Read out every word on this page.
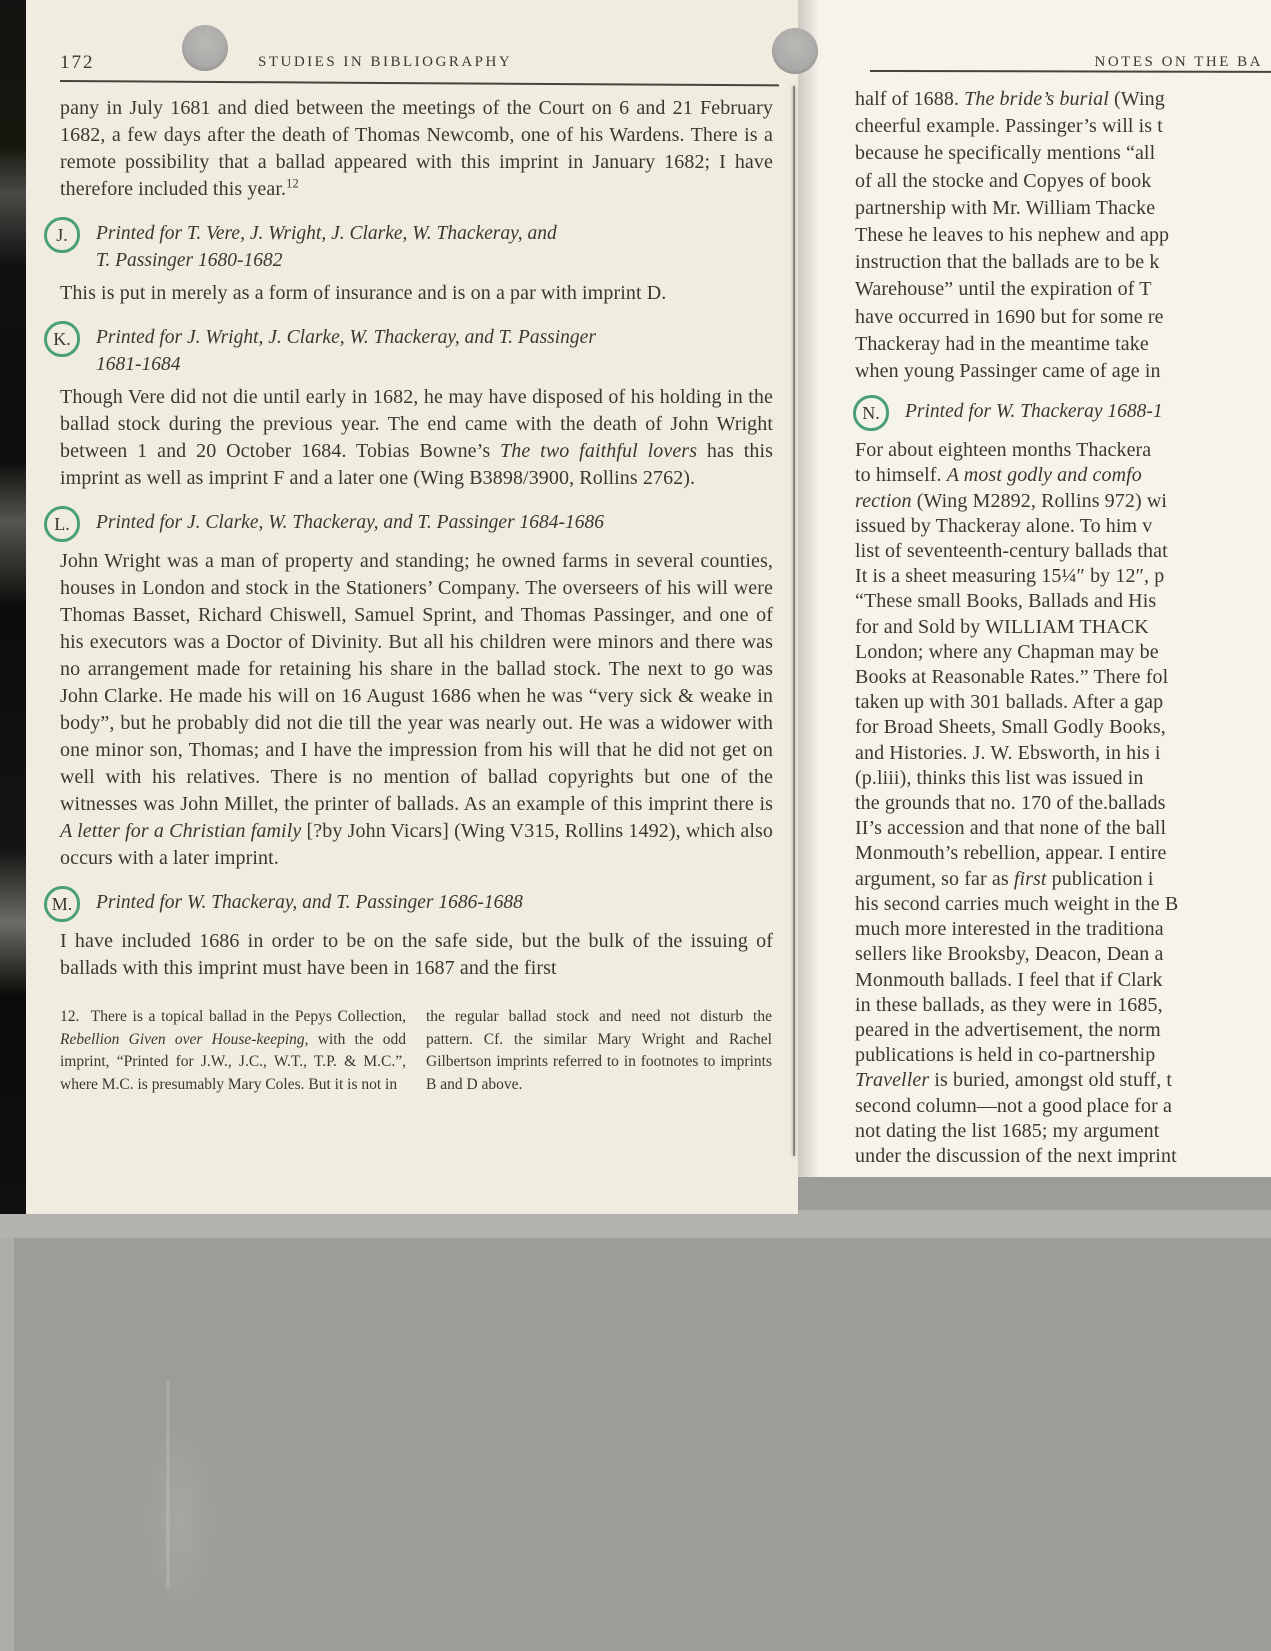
172	STUDIES IN BIBLIOGRAPHY
pany in July 1681 and died between the meetings of the Court on 6 and 21 February 1682, a few days after the death of Thomas Newcomb, one of his Wardens. There is a remote possibility that a ballad appeared with this imprint in January 1682; I have therefore included this year.$^{12}$
J.	Printed for T. Vere, J. Wright, J. Clarke, W. Thackeray, and
T. Passinger 1680-1682
This is put in merely as a form of insurance and is on a par with imprint D.
K.	Printed for J. Wright, J. Clarke, W. Thackeray, and T. Passinger
1681-1684
Though Vere did not die until early in 1682, he may have disposed of his holding in the ballad stock during the previous year. The end came with the death of John Wright between 1 and 20 October 1684. Tobias Bowne’s The two faithful lovers has this imprint as well as imprint F and a later one (Wing B3898/3900, Rollins 2762).
L.	Printed for J. Clarke, W. Thackeray, and T. Passinger 1684-1686
John Wright was a man of property and standing; he owned farms in several counties, houses in London and stock in the Stationers’ Company. The overseers of his will were Thomas Basset, Richard Chiswell, Samuel Sprint, and Thomas Passinger, and one of his executors was a Doctor of Divinity. But all his children were minors and there was no arrangement made for retaining his share in the ballad stock. The next to go was John Clarke. He made his will on 16 August 1686 when he was “very sick & weake in body”, but he probably did not die till the year was nearly out. He was a widower with one minor son, Thomas; and I have the impression from his will that he did not get on well with his relatives. There is no mention of ballad copyrights but one of the witnesses was John Millet, the printer of ballads. As an example of this imprint there is A letter for a Christian family [?by John Vicars] (Wing V315, Rollins 1492), which also occurs with a later imprint.
M.	Printed for W. Thackeray, and T. Passinger 1686-1688
I have included 1686 in order to be on the safe side, but the bulk of the issuing of ballads with this imprint must have been in 1687 and the first
12.  There is a topical ballad in the Pepys Collection, Rebellion Given over House-keeping, with the odd imprint, “Printed for J.W., J.C., W.T., T.P. & M.C.”, where M.C. is presumably Mary Coles. But it is not in
the regular ballad stock and need not disturb the pattern. Cf. the similar Mary Wright and Rachel Gilbertson imprints referred to in footnotes to imprints B and D above.
NOTES ON THE BA
half of 1688. The bride’s burial (Wing
cheerful example. Passinger’s will is t
because he specifically mentions “all
of all the stocke and Copyes of book
partnership with Mr. William Thacke
These he leaves to his nephew and app
instruction that the ballads are to be k
Warehouse” until the expiration of T
have occurred in 1690 but for some re
Thackeray had in the meantime take
when young Passinger came of age in
N.	Printed for W. Thackeray 1688-1
For about eighteen months Thackera
to himself. A most godly and comfo
rection (Wing M2892, Rollins 972) wi
issued by Thackeray alone. To him v
list of seventeenth-century ballads that
It is a sheet measuring 15¼″ by 12″, p
“These small Books, Ballads and His
for and Sold by WILLIAM THACK
London; where any Chapman may be
Books at Reasonable Rates.” There fol
taken up with 301 ballads. After a gap
for Broad Sheets, Small Godly Books,
and Histories. J. W. Ebsworth, in his i
(p.liii), thinks this list was issued in
the grounds that no. 170 of the.ballads
II’s accession and that none of the ball
Monmouth’s rebellion, appear. I entire
argument, so far as first publication i
his second carries much weight in the B
much more interested in the traditiona
sellers like Brooksby, Deacon, Dean a
Monmouth ballads. I feel that if Clark
in these ballads, as they were in 1685,
peared in the advertisement, the norm
publications is held in co-partnership
Traveller is buried, amongst old stuff, t
second column—not a good place for a
not dating the list 1685; my argument
under the discussion of the next imprint
